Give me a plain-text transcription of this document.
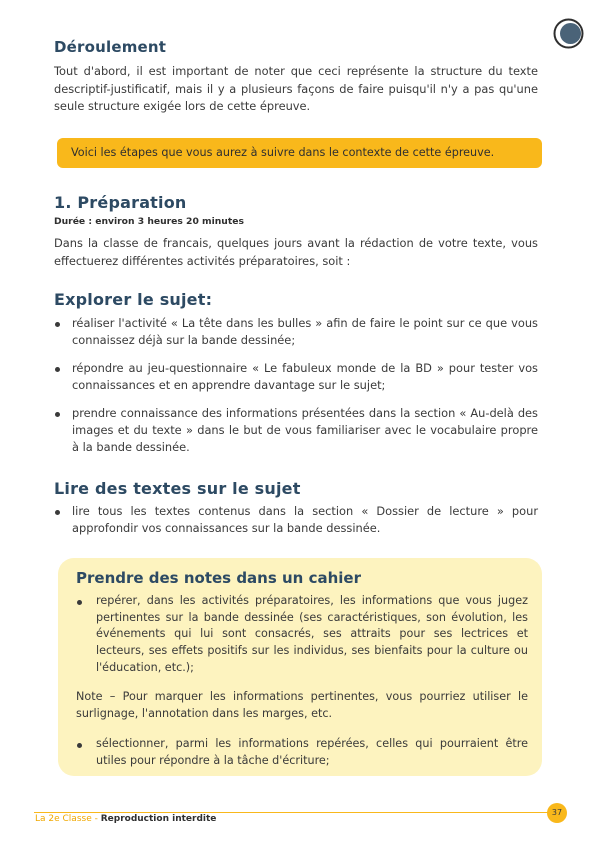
Déroulement

Tout d'abord, il est important de noter que ceci représente la structure du texte descriptif-justificatif, mais il y a plusieurs façons de faire puisqu'il n'y a pas qu'une seule structure exigée lors de cette épreuve.

Voici les étapes que vous aurez à suivre dans le contexte de cette épreuve.
1. Préparation
Durée : environ 3 heures 20 minutes

Dans la classe de francais, quelques jours avant la rédaction de votre texte, vous effectuerez différentes activités préparatoires, soit :

Explorer le sujet:
réaliser l'activité « La tête dans les bulles » afin de faire le point sur ce que vous connaissez déjà sur la bande dessinée;
répondre au jeu-questionnaire « Le fabuleux monde de la BD » pour tester vos connaissances et en apprendre davantage sur le sujet;
prendre connaissance des informations présentées dans la section « Au-delà des images et du texte » dans le but de vous familiariser avec le vocabulaire propre à la bande dessinée.
Lire des textes sur le sujet
lire tous les textes contenus dans la section « Dossier de lecture » pour approfondir vos connaissances sur la bande dessinée.
Prendre des notes dans un cahier
repérer, dans les activités préparatoires, les informations que vous jugez pertinentes sur la bande dessinée (ses caractéristiques, son évolution, les événements qui lui sont consacrés, ses attraits pour ses lectrices et lecteurs, ses effets positifs sur les individus, ses bienfaits pour la culture ou l'éducation, etc.);

Note – Pour marquer les informations pertinentes, vous pourriez utiliser le surlignage, l'annotation dans les marges, etc.

sélectionner, parmi les informations repérées, celles qui pourraient être utiles pour répondre à la tâche d'écriture;
La 2e Classe - Reproduction interdite
37
